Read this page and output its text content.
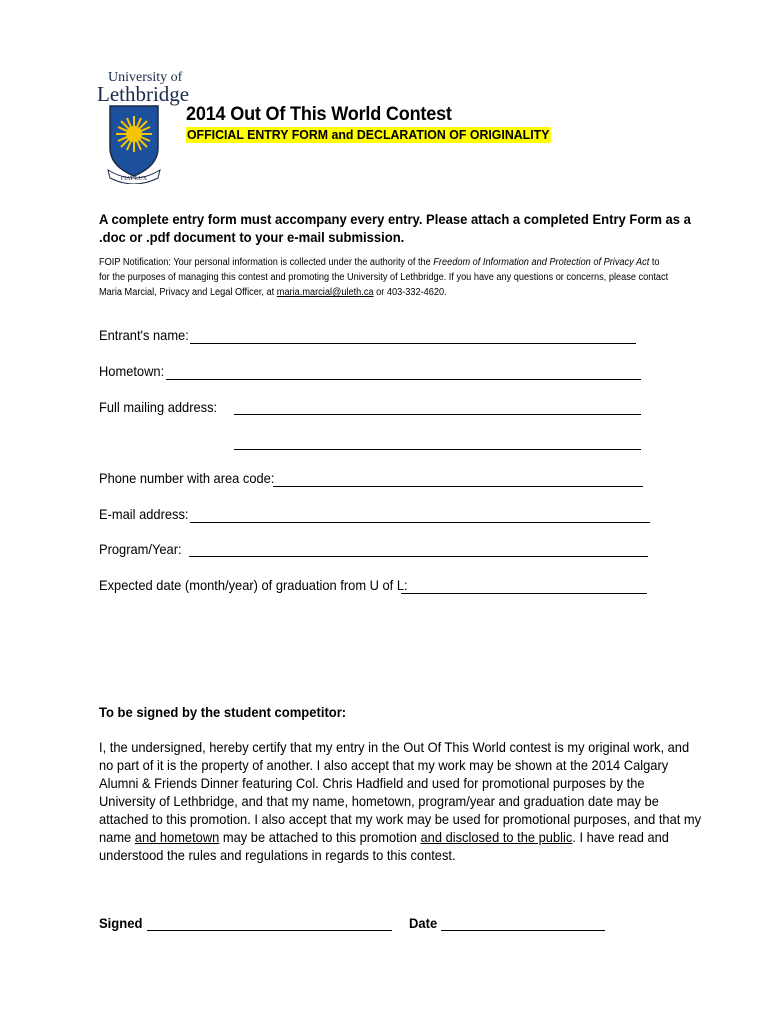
University of
Lethbridge
FIAT LUX
2014 Out Of This World Contest
OFFICIAL ENTRY FORM and DECLARATION OF ORIGINALITY
A complete entry form must accompany every entry. Please attach a completed Entry Form as a
.doc or .pdf document to your e-mail submission.
FOIP Notification: Your personal information is collected under the authority of the Freedom of Information and Protection of Privacy Act to
for the purposes of managing this contest and promoting the University of Lethbridge. If you have any questions or concerns, please contact
Maria Marcial, Privacy and Legal Officer, at maria.marcial@uleth.ca or 403-332-4620.
Entrant's name:
Hometown:
Full mailing address:
Phone number with area code:
E-mail address:
Program/Year:
Expected date (month/year) of graduation from U of L:
To be signed by the student competitor:
I, the undersigned, hereby certify that my entry in the Out Of This World contest is my original work, and
no part of it is the property of another. I also accept that my work may be shown at the 2014 Calgary
Alumni & Friends Dinner featuring Col. Chris Hadfield and used for promotional purposes by the
University of Lethbridge, and that my name, hometown, program/year and graduation date may be
attached to this promotion. I also accept that my work may be used for promotional purposes, and that my
name and hometown may be attached to this promotion and disclosed to the public. I have read and
understood the rules and regulations in regards to this contest.
Signed	Date
